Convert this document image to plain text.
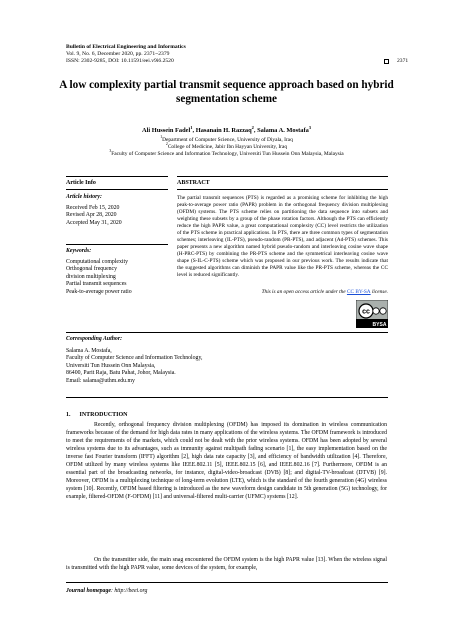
Bulletin of Electrical Engineering and Informatics
Vol. 9, No. 6, December 2020, pp. 2371~2379
ISSN: 2302-9285, DOI: 10.11591/eei.v9i6.2520	2371
A low complexity partial transmit sequence approach based on hybrid segmentation scheme
Ali Hussein Fadel$^1$, Hasanain H. Razzaq$^2$, Salama A. Mostafa$^3$
$^1$Department of Computer Science, University of Diyala, Iraq
$^2$College of Medicine, Jabir Ibn Hayyan University, Iraq
$^3$Faculty of Computer Science and Information Technology, Universiti Tun Hussein Onn Malaysia, Malaysia
Article Info
Article history:
Received Feb 15, 2020
Revised Apr 28, 2020
Accepted May 31, 2020
Keywords:
Computational complexity
Orthogonal frequency
division multiplexing
Partial transmit sequences
Peak-to-average power ratio
ABSTRACT
The partial transmit sequences (PTS) is regarded as a promising scheme for inhibiting the high peak-to-average power ratio (PAPR) problem in the orthogonal frequency division multiplexing (OFDM) systems. The PTS scheme relies on partitioning the data sequence into subsets and weighting these subsets by a group of the phase rotation factors. Although the PTS can efficiently reduce the high PAPR value, a great computational complexity (CC) level restricts the utilization of the PTS scheme in practical applications. In PTS, there are three common types of segmentation schemes; interleaving (IL-PTS), pseudo-random (PR-PTS), and adjacent (Ad-PTS) schemes. This paper presents a new algorithm named hybrid pseudo-random and interleaving cosine wave shape (H-PRC-PTS) by combining the PR-PTS scheme and the symmetrical interleaving cosine wave shape (S-IL-C-PTS) scheme which was proposed in our previous work. The results indicate that the suggested algorithms can diminish the PAPR value like the PR-PTS scheme, whereas the CC level is reduced significantly.
This is an open access article under the CC BY-SA license.
cc
BY SA
Corresponding Author:
Salama A. Mostafa,
Faculty of Computer Science and Information Technology,
Universiti Tun Hussein Onn Malaysia,
86400, Parit Raja, Batu Pahat, Johor, Malaysia.
Email: salama@uthm.edu.my
1.      INTRODUCTION
Recently, orthogonal frequency division multiplexing (OFDM) has imposed its domination in wireless communication frameworks because of the demand for high data rates in many applications of the wireless systems. The OFDM framework is introduced to meet the requirements of the markets, which could not be dealt with the prior wireless systems. OFDM has been adopted by several wireless systems due to its advantages, such as immunity against multipath fading scenario [1], the easy implementation based on the inverse fast Fourier transform (IFFT) algorithm [2], high data rate capacity [3], and efficiency of bandwidth utilization [4]. Therefore, OFDM utilized by many wireless systems like IEEE.802.11 [5], IEEE.802.15 [6], and IEEE.802.16 [7]. Furthermore, OFDM is an essential part of the broadcasting networks, for instance, digital-video-broadcast (DVB) [8]; and digital-TV-broadcast (DTVB) [9]. Moreover, OFDM is a multiplexing technique of long-term evolution (LTE), which is the standard of the fourth generation (4G) wireless system [10]. Recently, OFDM based filtering is introduced as the new waveform design candidate in 5th generation (5G) technology, for example, filtered-OFDM (F-OFDM) [11] and universal-filtered multi-carrier (UFMC) systems [12].
On the transmitter side, the main snag encountered the OFDM system is the high PAPR value [13]. When the wireless signal is transmitted with the high PAPR value, some devices of the system, for example,
Journal homepage: http://beei.org
